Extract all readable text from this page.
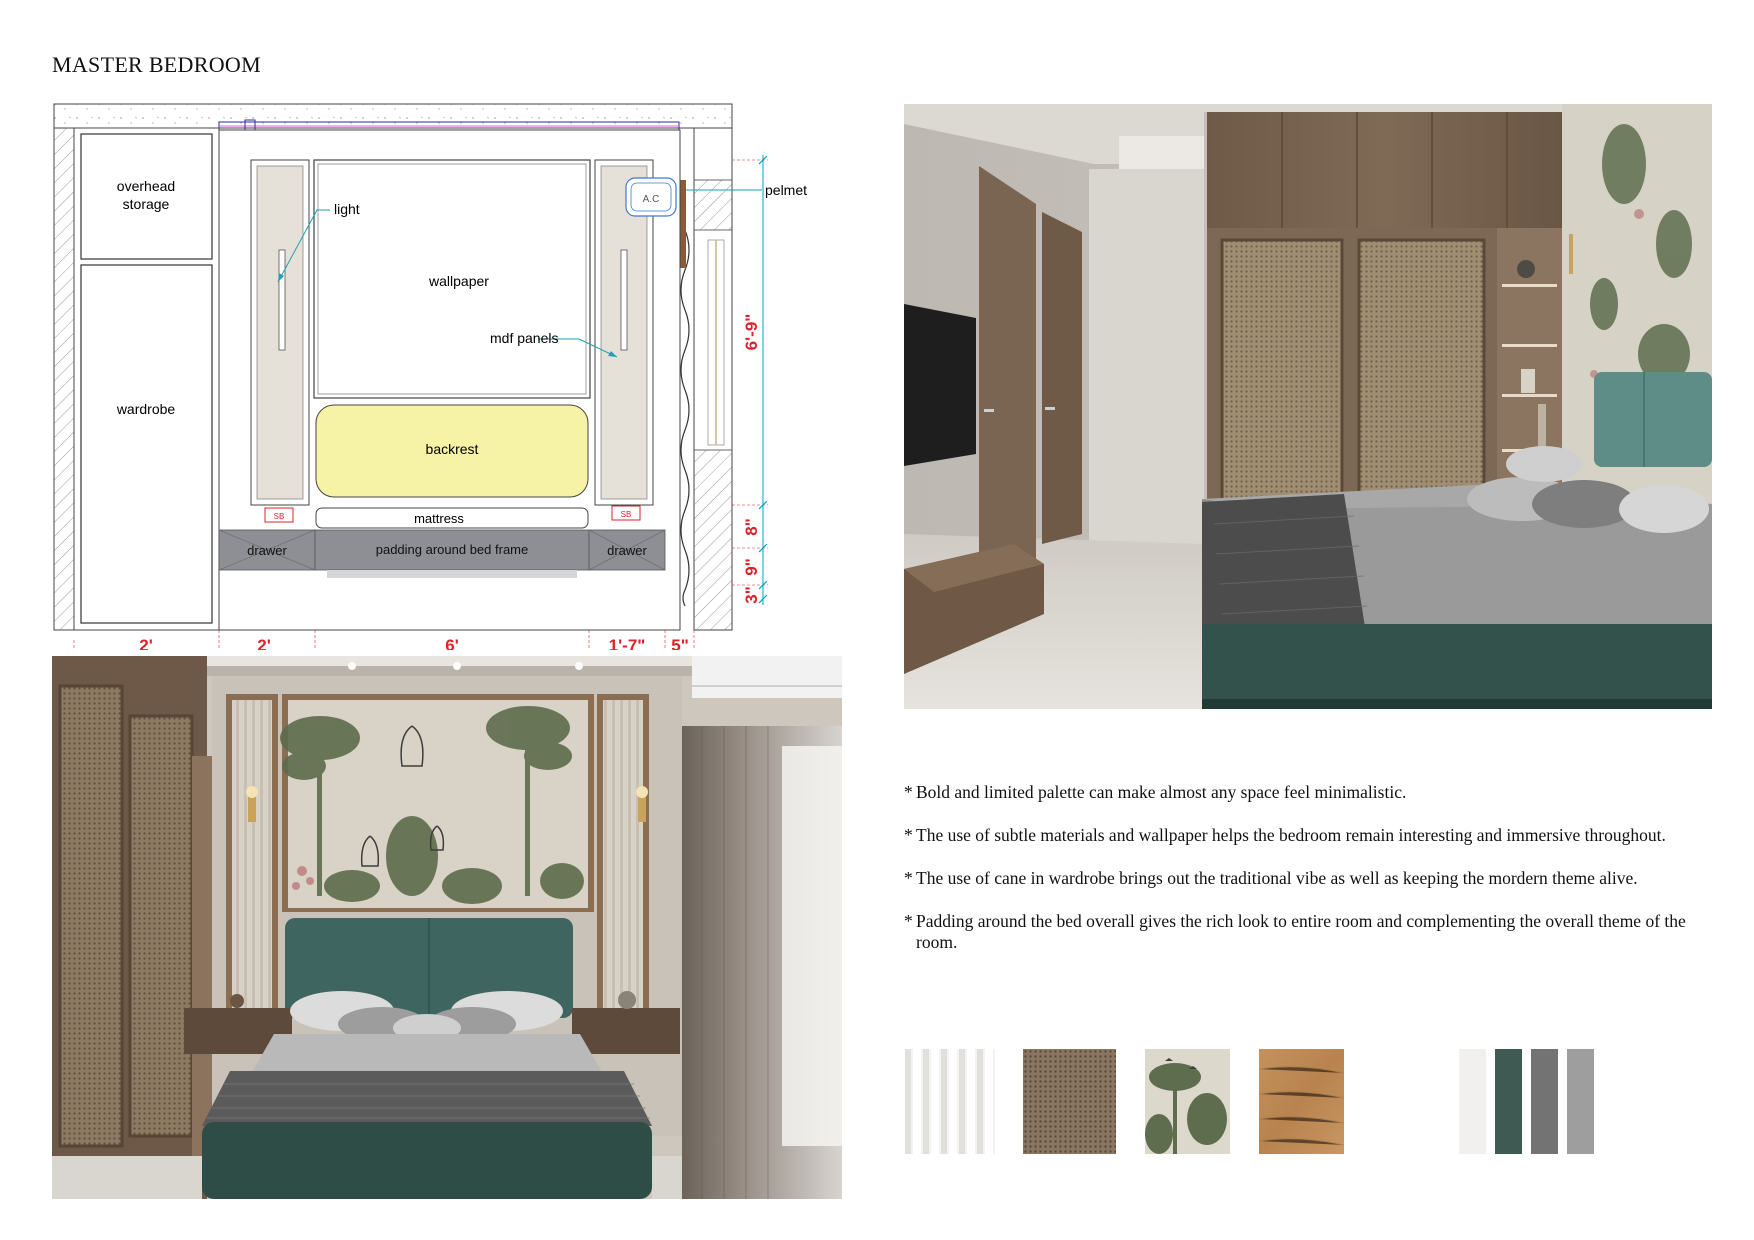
MASTER BEDROOM
overhead
storage
wardrobe
wallpaper
backrest
mattress
drawer	padding around bed frame	drawer
SB	SB
A.C
light
mdf panels
pelmet
2'	2'	6'	1'-7" 5"
6'-9"
8"
9"
3"
* Bold and limited palette can make almost any space feel minimalistic.
* The use of subtle materials and wallpaper helps the bedroom remain interesting and immersive throughout.
* The use of cane in wardrobe brings out the traditional vibe as well as keeping the mordern theme alive.
* Padding around the bed overall gives the rich look to entire room and complementing the overall theme of the room.
